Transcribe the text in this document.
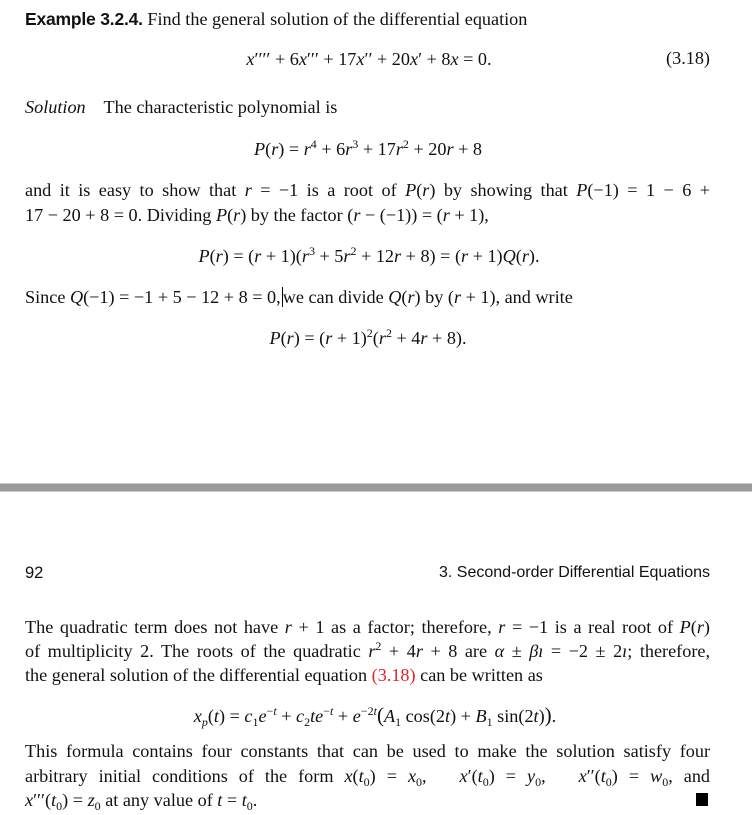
Example 3.2.4. Find the general solution of the differential equation
x′′′′ + 6x′′′ + 17x′′ + 20x′ + 8x = 0.	(3.18)
Solution The characteristic polynomial is
$P(r) = r^4 + 6r^3 + 17r^2 + 20r + 8$
and it is easy to show that r = −1 is a root of P(r) by showing that P(−1) = 1 − 6 +
17 − 20 + 8 = 0. Dividing P(r) by the factor (r − (−1)) = (r + 1),
$P(r) = (r + 1)(r^3 + 5r^2 + 12r + 8) = (r + 1)Q(r)$.
Since Q(−1) = −1 + 5 − 12 + 8 = 0, we can divide Q(r) by (r + 1), and write
$P(r) = (r + 1)^2(r^2 + 4r + 8)$.
92	3. Second-order Differential Equations
The quadratic term does not have r + 1 as a factor; therefore, r = −1 is a real root of P(r)
of multiplicity 2. The roots of the quadratic $r^2 + 4r + 8$ are α ± βı = −2 ± 2ı; therefore,
the general solution of the differential equation (3.18) can be written as
$x_p(t) = c_1e^{-t} + c_2te^{-t} + e^{-2t}(A_1$ $\cos(2t) + B_1$ sin(2t)).
This formula contains four constants that can be used to make the solution satisfy four
arbitrary initial conditions of the form $x(t_0) = x_0$,   $x'(t_0) = y_0$,   $x''(t_0) = w_0$, and
$x'''(t_0) = z_0$ at any value of $t = t_0$.
